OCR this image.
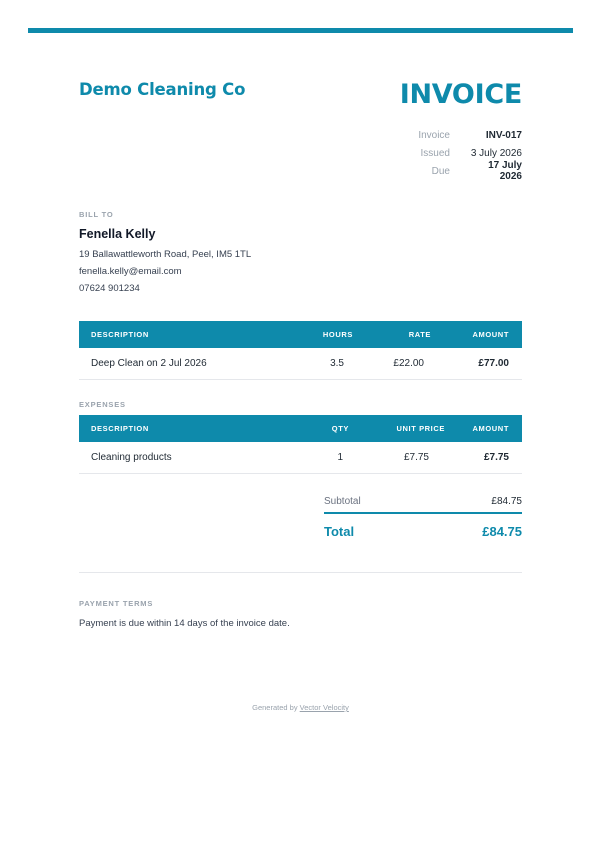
Demo Cleaning Co	INVOICE
Invoice	INV-017
Issued	3 July 2026
Due	17 July 2026
BILL TO
Fenella Kelly
19 Ballawattleworth Road, Peel, IM5 1TL
fenella.kelly@email.com
07624 901234
DESCRIPTION	HOURS	RATE	AMOUNT
Deep Clean on 2 Jul 2026	3.5	£22.00	£77.00
EXPENSES
DESCRIPTION	QTY	UNIT PRICE	AMOUNT
Cleaning products	1	£7.75	£7.75
Subtotal	£84.75
Total	£84.75
PAYMENT TERMS
Payment is due within 14 days of the invoice date.
Generated by Vector Velocity
